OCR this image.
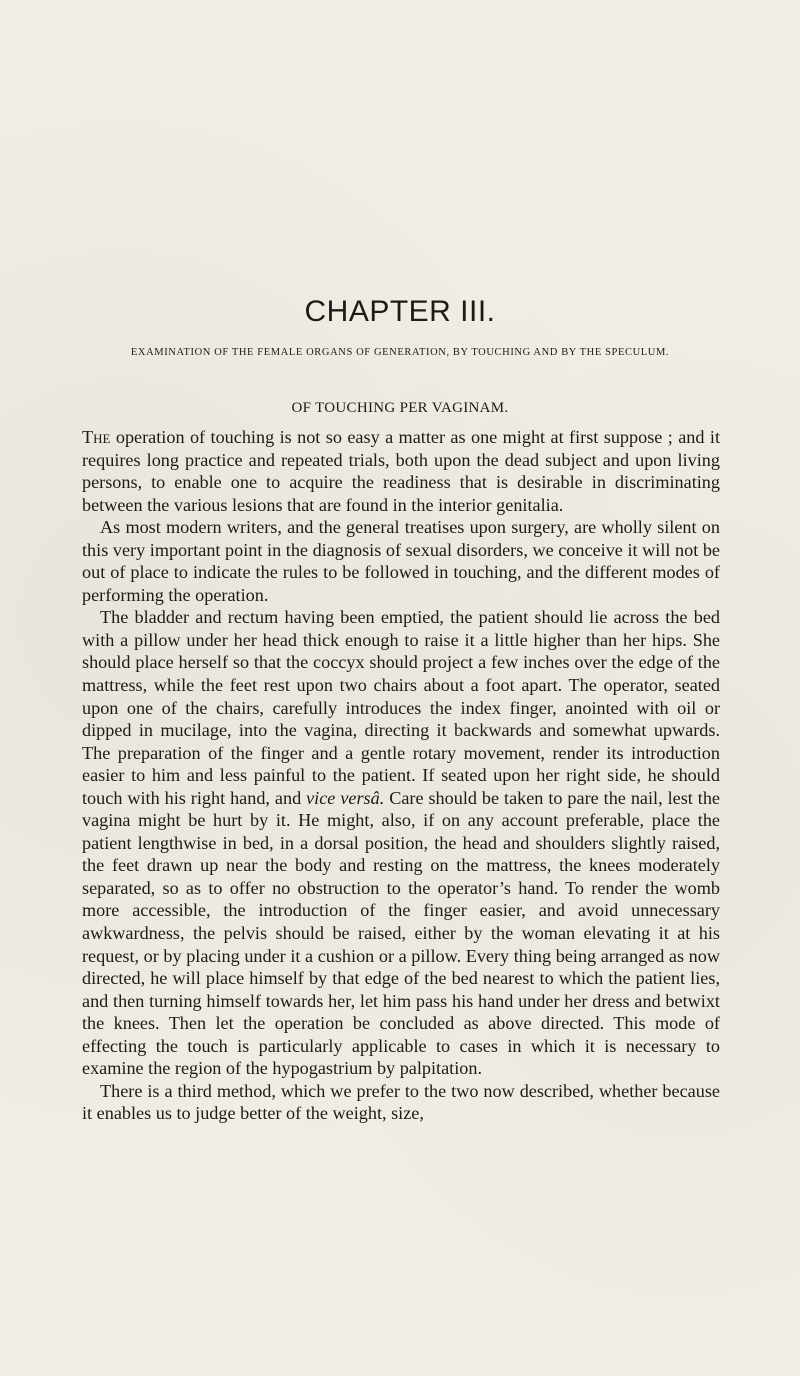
CHAPTER III.

EXAMINATION OF THE FEMALE ORGANS OF GENERATION, BY TOUCHING AND BY THE SPECULUM.

OF TOUCHING PER VAGINAM.

The operation of touching is not so easy a matter as one might at first suppose ; and it requires long practice and repeated trials, both upon the dead subject and upon living persons, to enable one to acquire the readiness that is desirable in discriminating between the various lesions that are found in the interior genitalia.

As most modern writers, and the general treatises upon surgery, are wholly silent on this very important point in the diagnosis of sexual disorders, we conceive it will not be out of place to indicate the rules to be followed in touching, and the different modes of performing the operation.

The bladder and rectum having been emptied, the patient should lie across the bed with a pillow under her head thick enough to raise it a little higher than her hips. She should place herself so that the coccyx should project a few inches over the edge of the mattress, while the feet rest upon two chairs about a foot apart. The operator, seated upon one of the chairs, carefully introduces the index finger, anointed with oil or dipped in mucilage, into the vagina, directing it backwards and somewhat upwards. The preparation of the finger and a gentle rotary movement, render its introduction easier to him and less painful to the patient. If seated upon her right side, he should touch with his right hand, and vice versâ. Care should be taken to pare the nail, lest the vagina might be hurt by it. He might, also, if on any account preferable, place the patient lengthwise in bed, in a dorsal position, the head and shoulders slightly raised, the feet drawn up near the body and resting on the mattress, the knees moderately separated, so as to offer no obstruction to the operator’s hand. To render the womb more accessible, the introduction of the finger easier, and avoid unnecessary awkwardness, the pelvis should be raised, either by the woman elevating it at his request, or by placing under it a cushion or a pillow. Every thing being arranged as now directed, he will place himself by that edge of the bed nearest to which the patient lies, and then turning himself towards her, let him pass his hand under her dress and betwixt the knees. Then let the operation be concluded as above directed. This mode of effecting the touch is particularly applicable to cases in which it is necessary to examine the region of the hypogastrium by palpitation.

There is a third method, which we prefer to the two now described, whether because it enables us to judge better of the weight, size,
